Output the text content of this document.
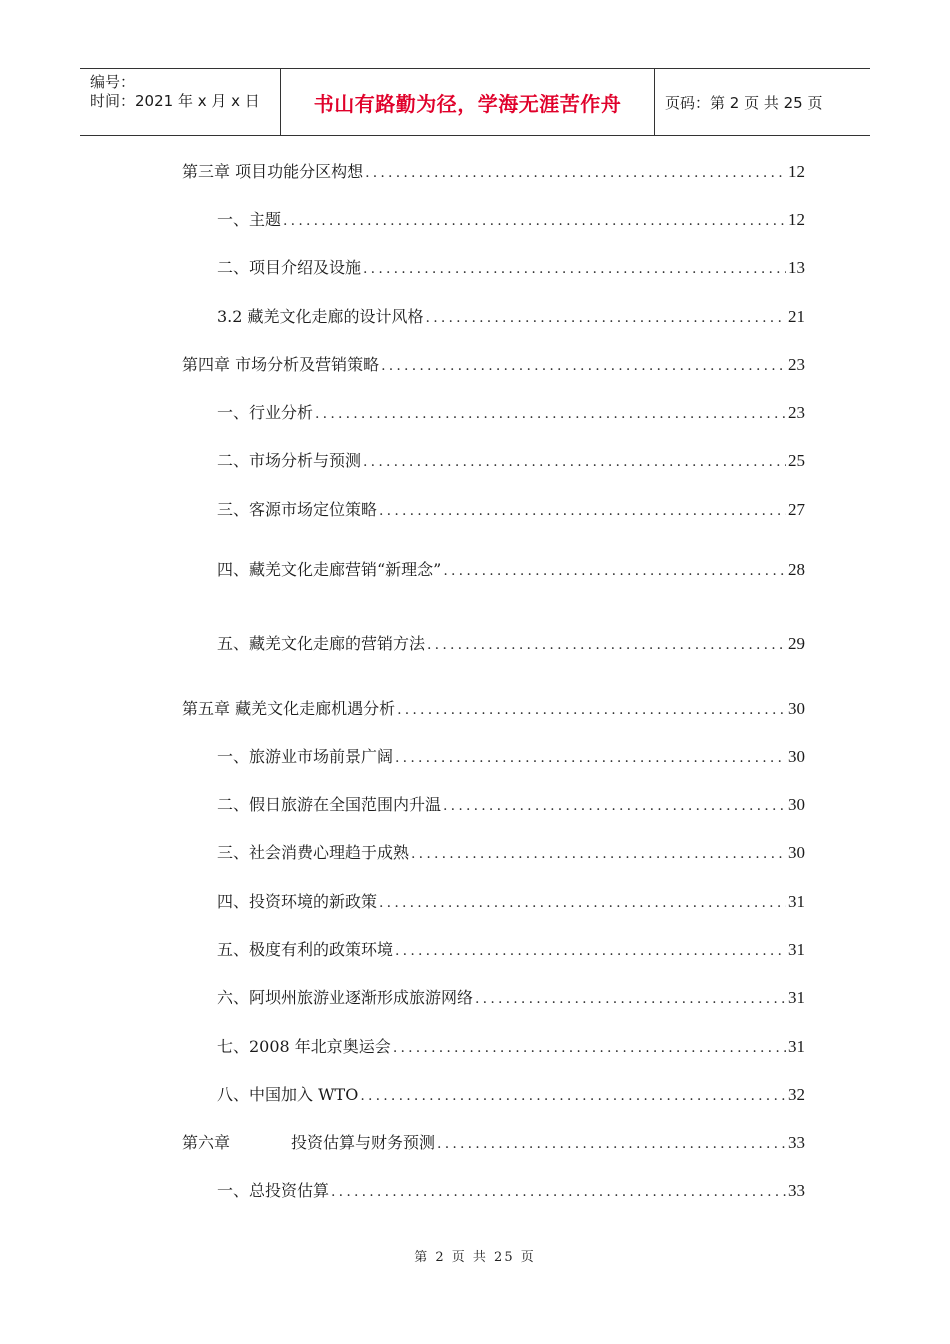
编号：
时间：2021 年 x 月 x 日	书山有路勤为径，学海无涯苦作舟	页码：第 2 页 共 25 页
第三章 项目功能分区构想 .....	12
一、主题 .....	12
二、项目介绍及设施 .....	13
3.2 藏羌文化走廊的设计风格 .....	21
第四章 市场分析及营销策略 .....	23
一、行业分析 .....	23
二、市场分析与预测 .....	25
三、客源市场定位策略 .....	27
四、藏羌文化走廊营销“新理念” .....	28
五、藏羌文化走廊的营销方法 .....	29
第五章 藏羌文化走廊机遇分析 .....	30
一、旅游业市场前景广阔 .....	30
二、假日旅游在全国范围内升温 .....	30
三、社会消费心理趋于成熟 .....	30
四、投资环境的新政策 .....	31
五、极度有利的政策环境 .....	31
六、阿坝州旅游业逐渐形成旅游网络 .....	31
七、2008 年北京奥运会 .....	31
八、中国加入 WTO .....	32
第六章            投资估算与财务预测 .....	33
一、总投资估算 .....	33
第 2 页 共 25 页
